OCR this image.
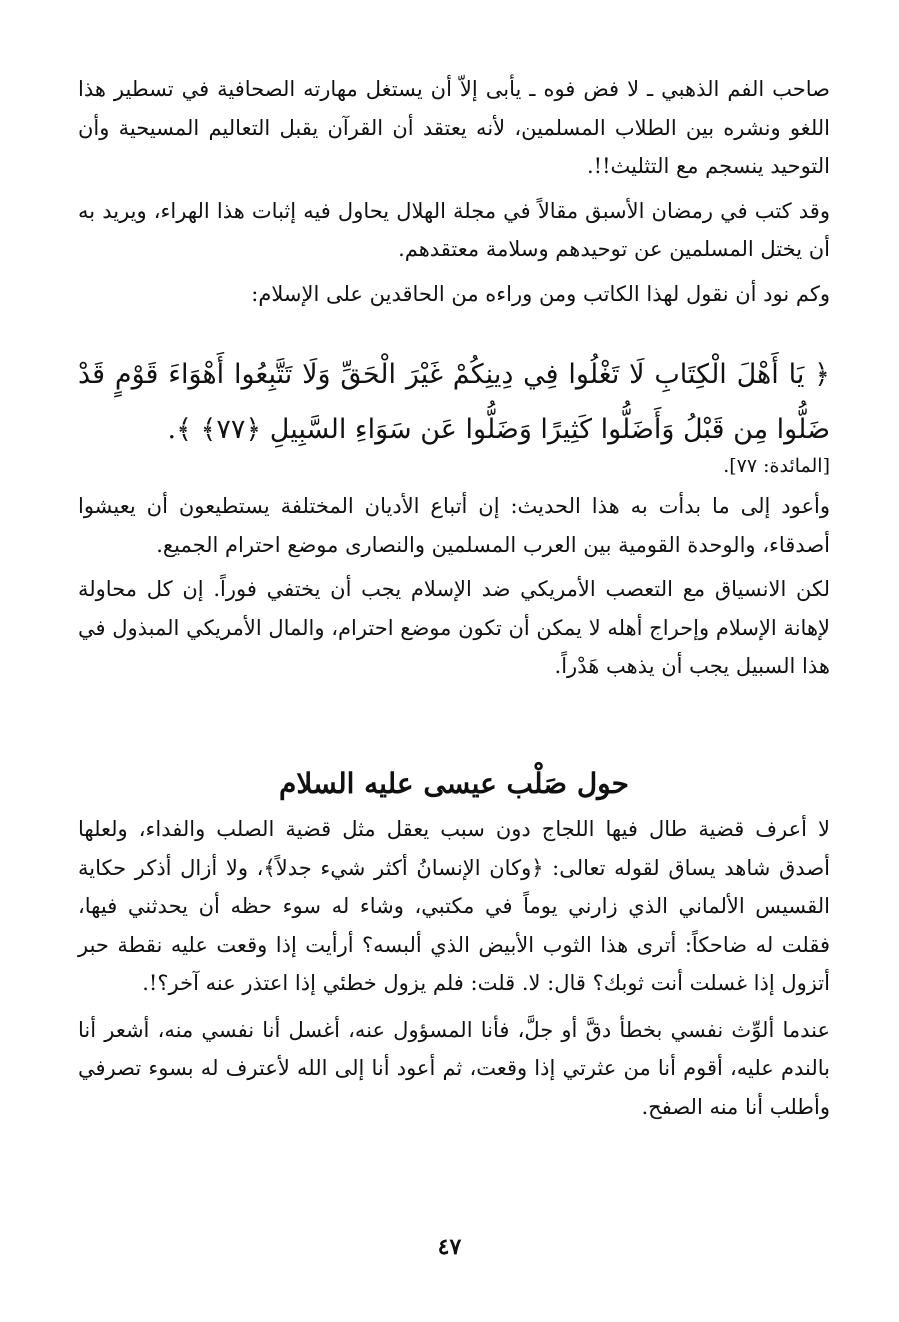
صاحب الفم الذهبي ـ لا فض فوه ـ يأبى إلاّ أن يستغل مهارته الصحافية في تسطير هذا اللغو ونشره بين الطلاب المسلمين، لأنه يعتقد أن القرآن يقبل التعاليم المسيحية وأن التوحيد ينسجم مع التثليث!!.

وقد كتب في رمضان الأسبق مقالاً في مجلة الهلال يحاول فيه إثبات هذا الهراء، ويريد به أن يختل المسلمين عن توحيدهم وسلامة معتقدهم.

وكم نود أن نقول لهذا الكاتب ومن وراءه من الحاقدين على الإسلام:

﴿ يَا أَهْلَ الْكِتَابِ لَا تَغْلُوا فِي دِينِكُمْ غَيْرَ الْحَقِّ وَلَا تَتَّبِعُوا أَهْوَاءَ قَوْمٍ قَدْ ضَلُّوا مِن قَبْلُ وَأَضَلُّوا كَثِيرًا وَضَلُّوا عَن سَوَاءِ السَّبِيلِ ﴿٧٧﴾ ﴾.

[المائدة: ٧٧].

وأعود إلى ما بدأت به هذا الحديث: إن أتباع الأديان المختلفة يستطيعون أن يعيشوا أصدقاء، والوحدة القومية بين العرب المسلمين والنصارى موضع احترام الجميع.

لكن الانسياق مع التعصب الأمريكي ضد الإسلام يجب أن يختفي فوراً. إن كل محاولة لإهانة الإسلام وإحراج أهله لا يمكن أن تكون موضع احترام، والمال الأمريكي المبذول في هذا السبيل يجب أن يذهب هَدْراً.

حول صَلْب عيسى عليه السلام

لا أعرف قضية طال فيها اللجاج دون سبب يعقل مثل قضية الصلب والفداء، ولعلها أصدق شاهد يساق لقوله تعالى: ﴿وكان الإنسانُ أكثر شيء جدلاً﴾، ولا أزال أذكر حكاية القسيس الألماني الذي زارني يوماً في مكتبي، وشاء له سوء حظه أن يحدثني فيها، فقلت له ضاحكاً: أترى هذا الثوب الأبيض الذي ألبسه؟ أرأيت إذا وقعت عليه نقطة حبر أتزول إذا غسلت أنت ثوبك؟ قال: لا. قلت: فلم يزول خطئي إذا اعتذر عنه آخر؟!.

عندما ألوِّث نفسي بخطأ دقَّ أو جلَّ، فأنا المسؤول عنه، أغسل أنا نفسي منه، أشعر أنا بالندم عليه، أقوم أنا من عثرتي إذا وقعت، ثم أعود أنا إلى الله لأعترف له بسوء تصرفي وأطلب أنا منه الصفح.

٤٧
